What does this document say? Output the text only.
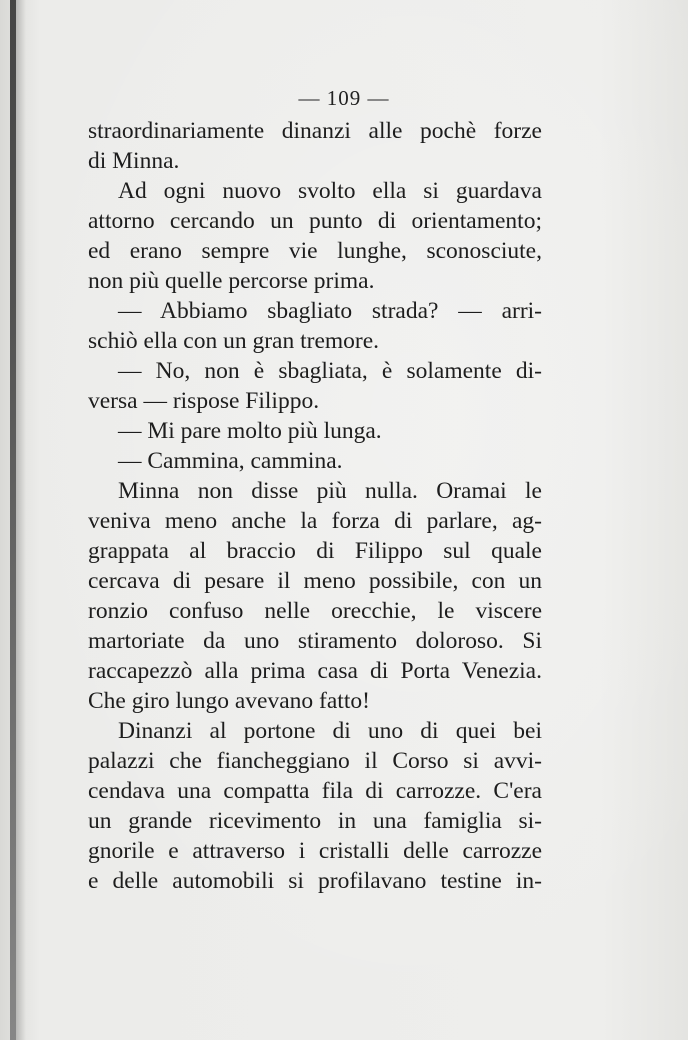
— 109 —
straordinariamente dinanzi alle pochè forze
di Minna.
Ad ogni nuovo svolto ella si guardava
attorno cercando un punto di orientamento;
ed erano sempre vie lunghe, sconosciute,
non più quelle percorse prima.
— Abbiamo sbagliato strada? — arri-
schiò ella con un gran tremore.
— No, non è sbagliata, è solamente di-
versa — rispose Filippo.
— Mi pare molto più lunga.
— Cammina, cammina.
Minna non disse più nulla. Oramai le
veniva meno anche la forza di parlare, ag-
grappata al braccio di Filippo sul quale
cercava di pesare il meno possibile, con un
ronzio confuso nelle orecchie, le viscere
martoriate da uno stiramento doloroso. Si
raccapezzò alla prima casa di Porta Venezia.
Che giro lungo avevano fatto!
Dinanzi al portone di uno di quei bei
palazzi che fiancheggiano il Corso si avvi-
cendava una compatta fila di carrozze. C'era
un grande ricevimento in una famiglia si-
gnorile e attraverso i cristalli delle carrozze
e delle automobili si profilavano testine in-
